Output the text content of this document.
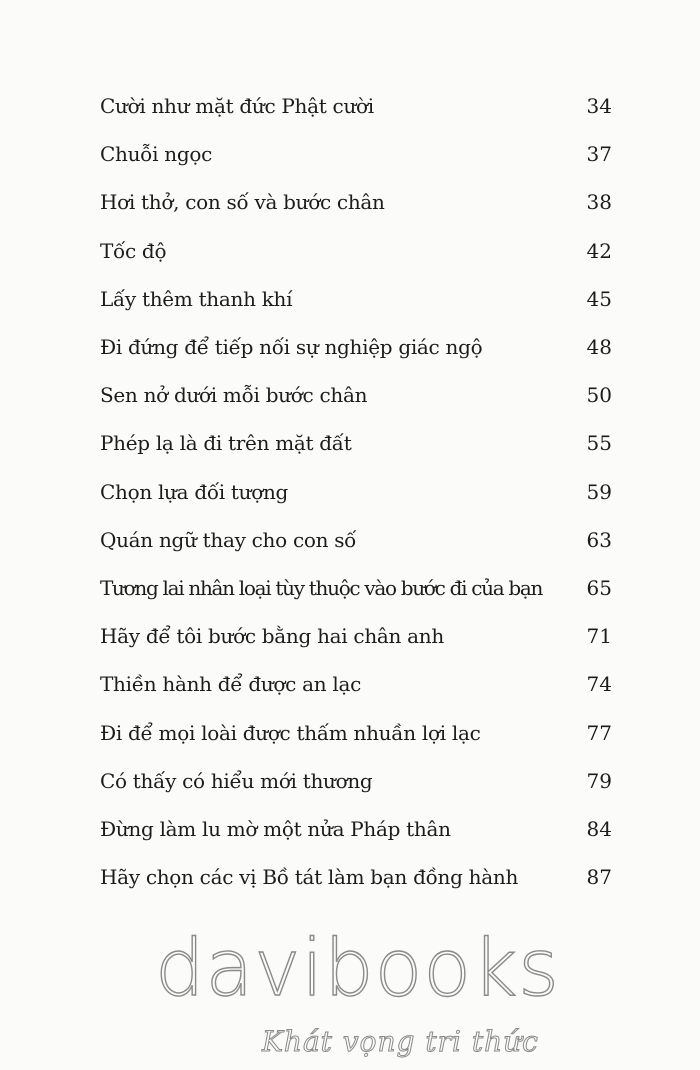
Cười như mặt đức Phật cười	34
Chuỗi ngọc	37
Hơi thở, con số và bước chân	38
Tốc độ	42
Lấy thêm thanh khí	45
Đi đứng để tiếp nối sự nghiệp giác ngộ	48
Sen nở dưới mỗi bước chân	50
Phép lạ là đi trên mặt đất	55
Chọn lựa đối tượng	59
Quán ngữ thay cho con số	63
Tương lai nhân loại tùy thuộc vào bước đi của bạn	65
Hãy để tôi bước bằng hai chân anh	71
Thiền hành để được an lạc	74
Đi để mọi loài được thấm nhuần lợi lạc	77
Có thấy có hiểu mới thương	79
Đừng làm lu mờ một nửa Pháp thân	84
Hãy chọn các vị Bồ tát làm bạn đồng hành	87
davibooks
Khát vọng tri thức
